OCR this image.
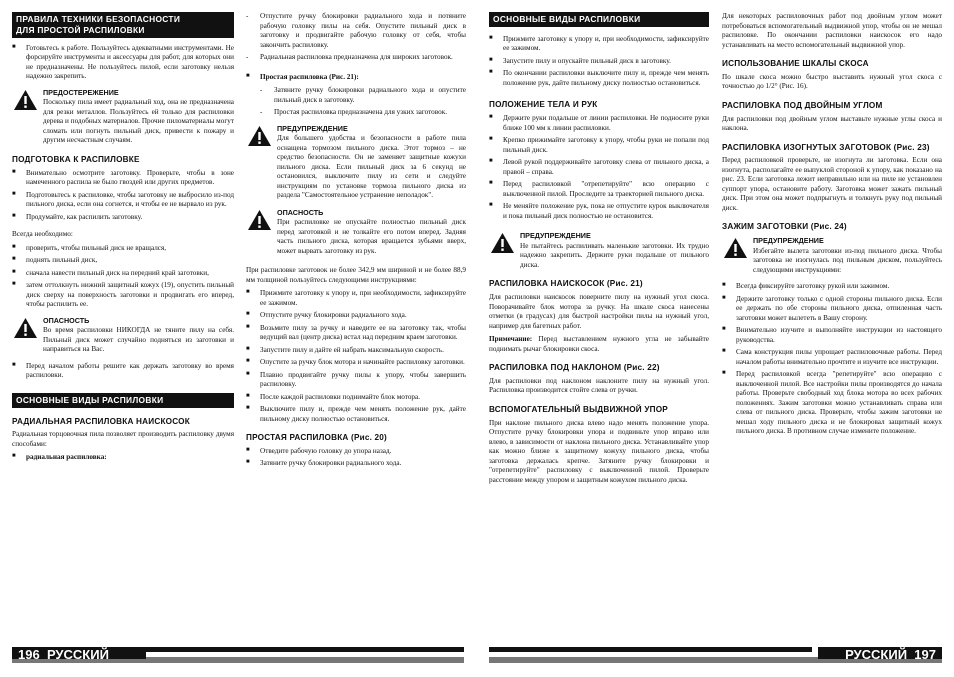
ПРАВИЛА ТЕХНИКИ БЕЗОПАСНОСТИ
ДЛЯ ПРОСТОЙ РАСПИЛОВКИ
■ Готовьтесь к работе. Пользуйтесь адекватными инструментами. Не форсируйте инструменты и аксессуары для работ, для которых они не предназначены. Не пользуйтесь пилой, если заготовку нельзя надежно закрепить.
ПРЕДОСТЕРЕЖЕНИЕ

Поскольку пила имеет радиальный ход, она не предназначена для резки металлов. Пользуйтесь ей только для распиловки дерева и подобных материалов. Прочие пиломатериалы могут сломать или погнуть пильный диск, привести к пожару и другим несчастным случаям.

ПОДГОТОВКА К РАСПИЛОВКЕ
■ Внимательно осмотрите заготовку. Проверьте, чтобы в зоне намеченного распила не было гвоздей или других предметов.
■ Подготовьтесь к распиловке, чтобы заготовку не выбросило из-под пильного диска, если она согнется, и чтобы ее не вырвало из рук.
■ Продумайте, как распилить заготовку.

Всегда необходимо:

■ проверить, чтобы пильный диск не вращался,
■ поднять пильный диск,
■ сначала навести пильный диск на передний край заготовки,
■ затем оттолкнуть нижний защитный кожух (19), опустить пильный диск сверху на поверхность заготовки и продвигать его вперед, чтобы распилить ее.
ОПАСНОСТЬ

Во время распиловки НИКОГДА не тяните пилу на себя. Пильный диск может случайно подняться из заготовки и направиться на Вас.

■ Перед началом работы решите как держать заготовку во время распиловки.
ОСНОВНЫЕ ВИДЫ РАСПИЛОВКИ
РАДИАЛЬНАЯ РАСПИЛОВКА НАИСКОСОК

Радиальная торцовочная пила позволяет производить распиловку двумя способами:

■ радиальная распиловка:
- Отпустите ручку блокировки радиального хода и потяните рабочую головку пилы на себя. Опустите пильный диск в заготовку и продвигайте рабочую головку от себя, чтобы закончить распиловку.
- Радиальная распиловка предназначена для широких заготовок.
■ Простая распиловка (Рис. 21):
- Затяните ручку блокировки радиального хода и опустите пильный диск в заготовку.
- Простая распиловка предназначена для узких заготовок.
ПРЕДУПРЕЖДЕНИЕ

Для большего удобства и безопасности в работе пила оснащена тормозом пильного диска. Этот тормоз – не средство безопасности. Он не заменяет защитные кожухи пильного диска. Если пильный диск за 6 секунд не остановился, выключите пилу из сети и следуйте инструкциям по установке тормоза пильного диска из раздела "Самостоятельное устранение неполадок".

ОПАСНОСТЬ

При распиловке не опускайте полностью пильный диск перед заготовкой и не толкайте его потом вперед. Задняя часть пильного диска, которая вращается зубьями вверх, может вырвать заготовку из рук.

При распиловке заготовок не более 342,9 мм шириной и не более 88,9 мм толщиной пользуйтесь следующими инструкциями:

■ Прижмите заготовку к упору и, при необходимости, зафиксируйте ее зажимом.
■ Отпустите ручку блокировки радиального хода.
■ Возьмите пилу за ручку и наведите ее на заготовку так, чтобы ведущий вал (центр диска) встал над передним краем заготовки.
■ Запустите пилу и дайте ей набрать максимальную скорость.
■ Опустите за ручку блок мотора и начинайте распиловку заготовки.
■ Плавно продвигайте ручку пилы к упору, чтобы завершить распиловку.
■ После каждой распиловки поднимайте блок мотора.
■ Выключите пилу и, прежде чем менять положение рук, дайте пильному диску полностью остановиться.
ПРОСТАЯ РАСПИЛОВКА (Рис. 20)
■ Отведите рабочую головку до упора назад.
■ Затяните ручку блокировки радиального хода.
ОСНОВНЫЕ ВИДЫ РАСПИЛОВКИ
■ Прижмите заготовку к упору и, при необходимости, зафиксируйте ее зажимом.
■ Запустите пилу и опускайте пильный диск в заготовку.
■ По окончании распиловки выключите пилу и, прежде чем менять положение рук, дайте пильному диску полностью остановиться.
ПОЛОЖЕНИЕ ТЕЛА И РУК
■ Держите руки подальше от линии распиловки. Не подносите руки ближе 100 мм к линии распиловки.
■ Крепко прижимайте заготовку к упору, чтобы руки не попали под пильный диск.
■ Левой рукой поддерживайте заготовку слева от пильного диска, а правой – справа.
■ Перед распиловкой "отрепетируйте" всю операцию с выключенной пилой. Проследите за траекторией пильного диска.
■ Не меняйте положение рук, пока не отпустите курок выключателя и пока пильный диск полностью не остановится.
ПРЕДУПРЕЖДЕНИЕ

Не пытайтесь распиливать маленькие заготовки. Их трудно надежно закрепить. Держите руки подальше от пильного диска.

РАСПИЛОВКА НАИСКОСОК (Рис. 21)

Для распиловки наискосок поверните пилу на нужный угол скоса. Поворачивайте блок мотора за ручку. На шкале скоса нанесены отметки (в градусах) для быстрой настройки пилы на нужный угол, например для багетных работ.

Примечание: Перед выставлением нужного угла не забывайте поднимать рычаг блокировки скоса.

РАСПИЛОВКА ПОД НАКЛОНОМ (Рис. 22)

Для распиловки под наклоном наклоните пилу на нужный угол. Распиловка производится стойте слева от ручки.

ВСПОМОГАТЕЛЬНЫЙ ВЫДВИЖНОЙ УПОР

При наклоне пильного диска влево надо менять положение упора. Отпустите ручку блокировки упора и подвиньте упор вправо или влево, в зависимости от наклона пильного диска. Устанавливайте упор как можно ближе к защитному кожуху пильного диска, чтобы заготовка держалась крепче. Затяните ручку блокировки и "отрепетируйте" распиловку с выключенной пилой. Проверьте расстояние между упором и защитным кожухом пильного диска.

Для некоторых распиловочных работ под двойным углом может потребоваться вспомогательный выдвижной упор, чтобы он не мешал распиловке. По окончании распиловки наискосок его надо устанавливать на место вспомогательный выдвижной упор.

ИСПОЛЬЗОВАНИЕ ШКАЛЫ СКОСА

По шкале скоса можно быстро выставить нужный угол скоса с точностью до 1/2° (Рис. 16).

РАСПИЛОВКА ПОД ДВОЙНЫМ УГЛОМ

Для распиловки под двойным углом выставьте нужные углы скоса и наклона.

РАСПИЛОВКА ИЗОГНУТЫХ ЗАГОТОВОК (Рис. 23)

Перед распиловкой проверьте, не изогнута ли заготовка. Если она изогнута, располагайте ее выпуклой стороной к упору, как показано на рис. 23. Если заготовка лежит неправильно или на пиле не установлен суппорт упора, остановите работу. Заготовка может зажать пильный диск. При этом она может подпрыгнуть и толкнуть руку под пильный диск.

ЗАЖИМ ЗАГОТОВКИ (Рис. 24)
ПРЕДУПРЕЖДЕНИЕ

Избегайте вылета заготовки из-под пильного диска. Чтобы заготовка не изогнулась под пильным диском, пользуйтесь следующими инструкциями:

■ Всегда фиксируйте заготовку рукой или зажимом.
■ Держите заготовку только с одной стороны пильного диска. Если ее держать по обе стороны пильного диска, отпиленная часть заготовки может вылететь в Вашу сторону.
■ Внимательно изучите и выполняйте инструкции из настоящего руководства.
■ Сама конструкция пилы упрощает распиловочные работы. Перед началом работы внимательно прочтите и изучите все инструкции.
■ Перед распиловкой всегда "репетируйте" всю операцию с выключенной пилой. Все настройки пилы производятся до начала работы. Проверьте свободный ход блока мотора во всех рабочих положениях. Зажим заготовки можно устанавливать справа или слева от пильного диска. Проверьте, чтобы зажим заготовки не мешал ходу пильного диска и не блокировал защитный кожух пильного диска. В противном случае измените положение.
196 РУССКИЙ	РУССКИЙ 197
